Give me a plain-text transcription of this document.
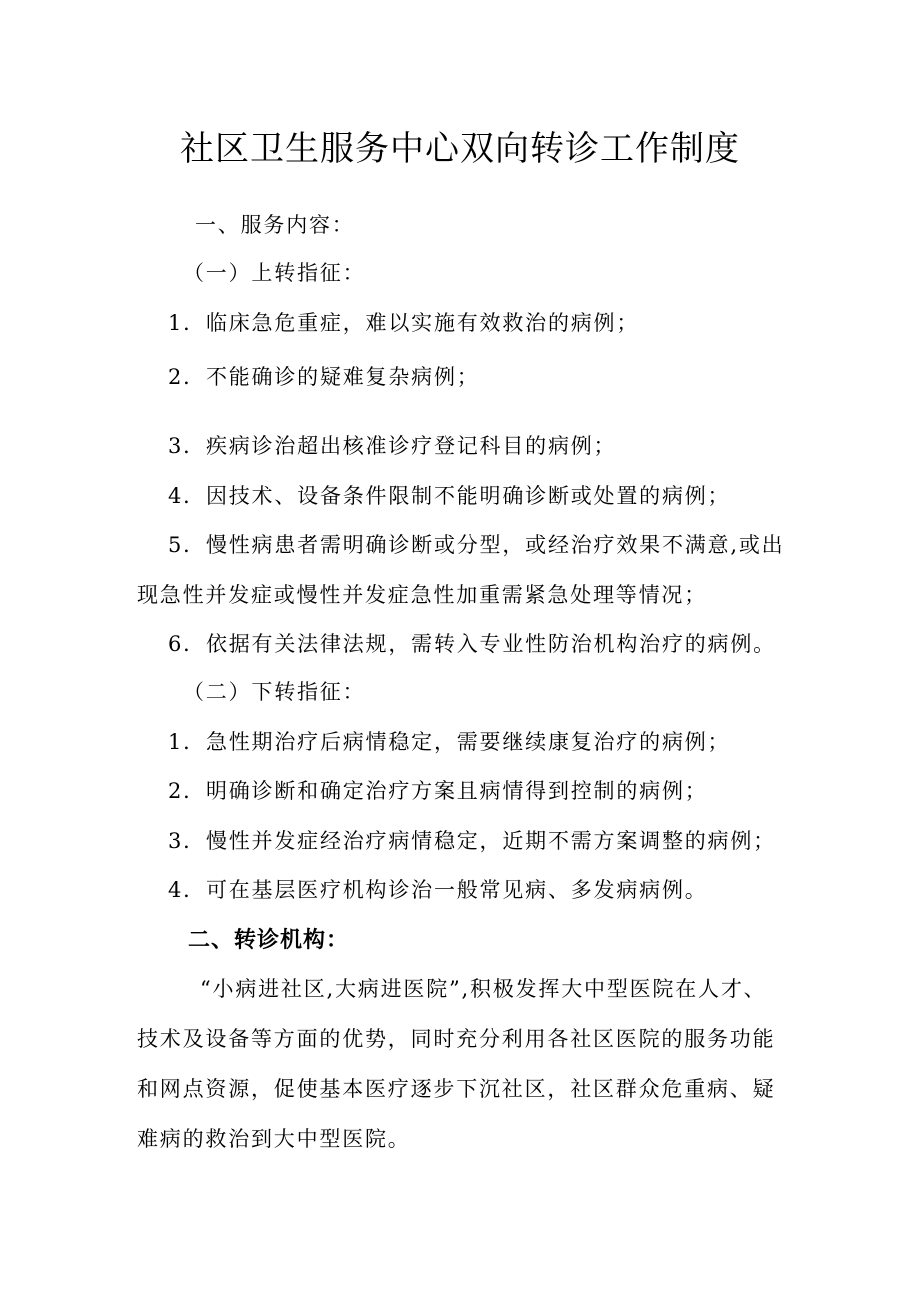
社区卫生服务中心双向转诊工作制度
一、服务内容：
（一）上转指征：
1．临床急危重症，难以实施有效救治的病例；
2．不能确诊的疑难复杂病例；
3．疾病诊治超出核准诊疗登记科目的病例；
4．因技术、设备条件限制不能明确诊断或处置的病例；
5．慢性病患者需明确诊断或分型，或经治疗效果不满意,或出
现急性并发症或慢性并发症急性加重需紧急处理等情况；
6．依据有关法律法规，需转入专业性防治机构治疗的病例。
（二）下转指征：
1．急性期治疗后病情稳定，需要继续康复治疗的病例；
2．明确诊断和确定治疗方案且病情得到控制的病例；
3．慢性并发症经治疗病情稳定，近期不需方案调整的病例；
4．可在基层医疗机构诊治一般常见病、多发病病例。
二、转诊机构：
“小病进社区,大病进医院”,积极发挥大中型医院在人才、
技术及设备等方面的优势，同时充分利用各社区医院的服务功能
和网点资源，促使基本医疗逐步下沉社区，社区群众危重病、疑
难病的救治到大中型医院。
